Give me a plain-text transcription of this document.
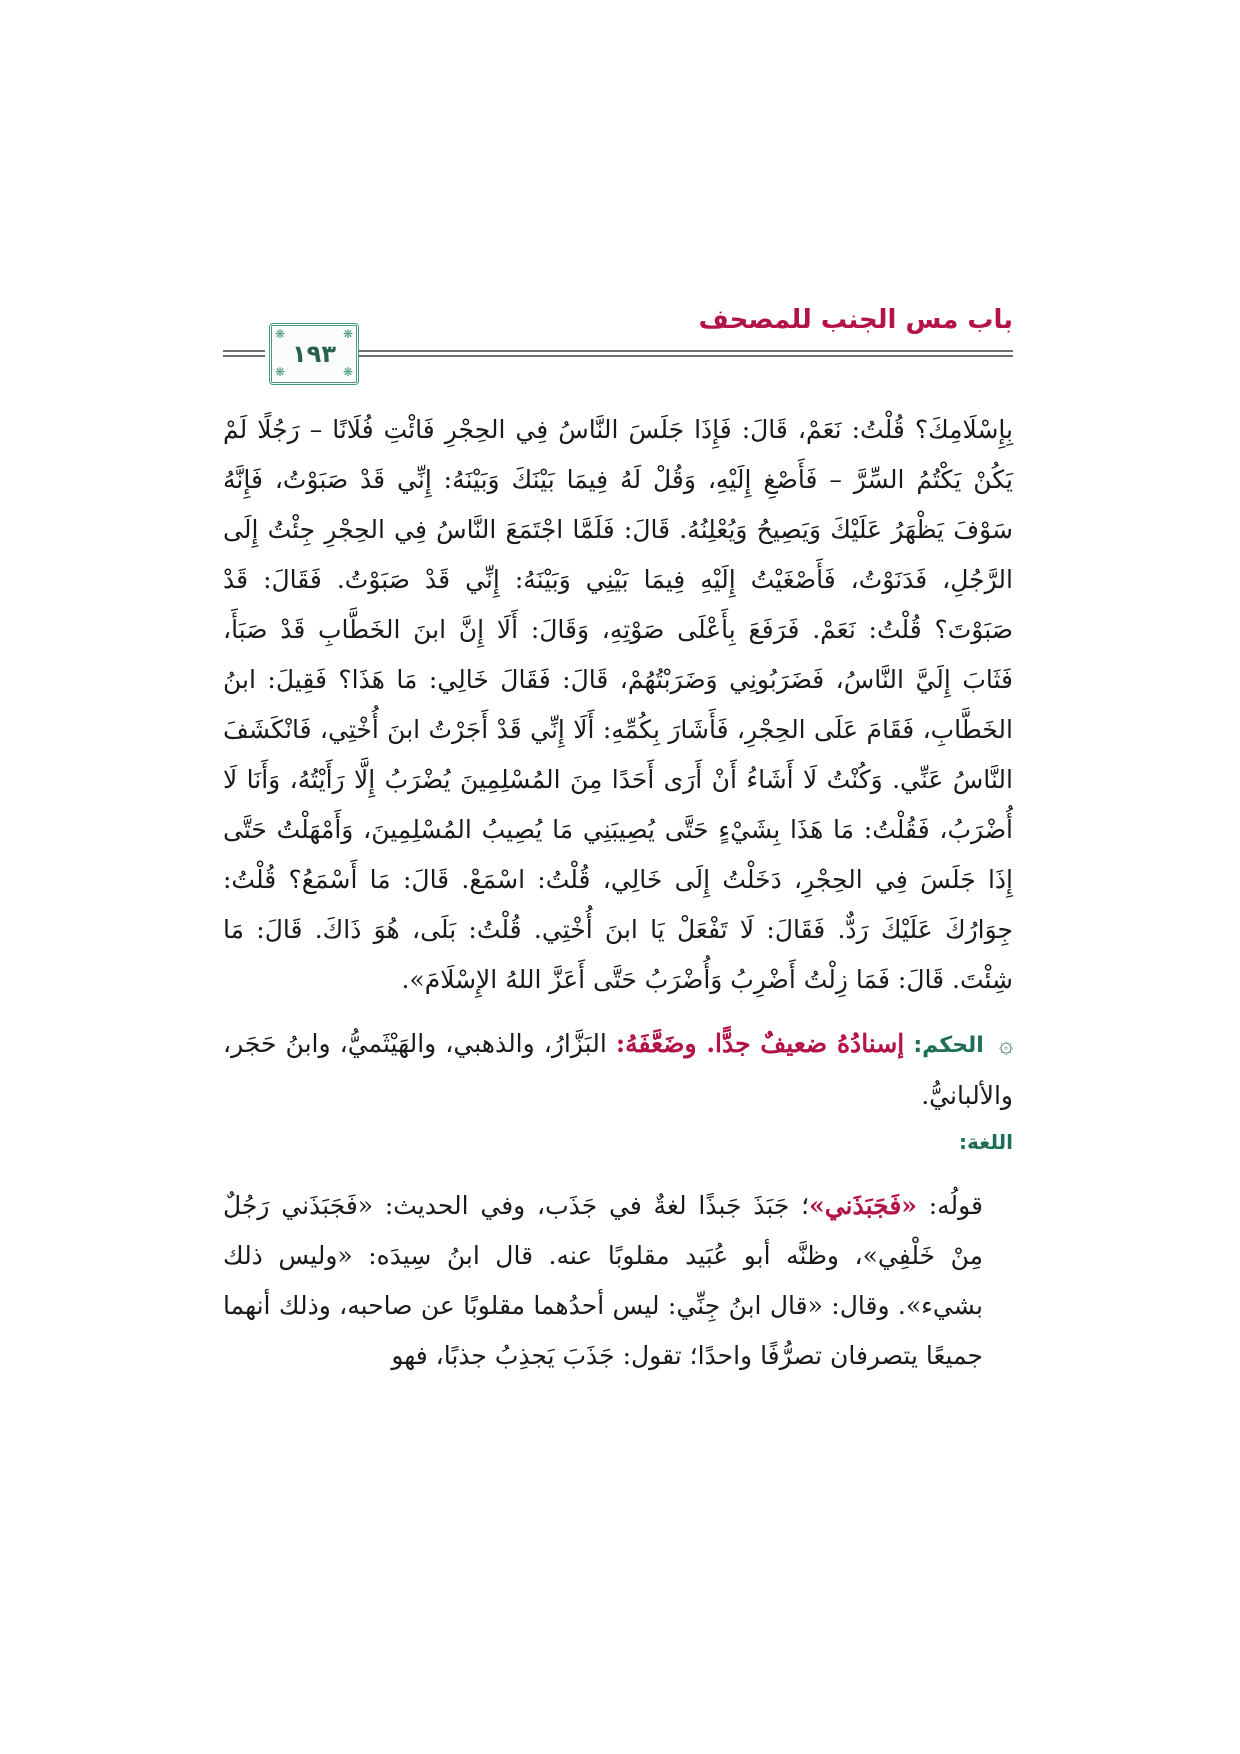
باب مس الجنب للمصحف
❋	❋
❋	❋
١٩٣

بِإِسْلَامِكَ؟ قُلْتُ: نَعَمْ، قَالَ: فَإِذَا جَلَسَ النَّاسُ فِي الحِجْرِ فَائْتِ فُلَانًا – رَجُلًا لَمْ يَكُنْ يَكْتُمُ السِّرَّ – فَأَصْغِ إِلَيْهِ، وَقُلْ لَهُ فِيمَا بَيْنَكَ وَبَيْنَهُ: إِنِّي قَدْ صَبَوْتُ، فَإِنَّهُ سَوْفَ يَظْهَرُ عَلَيْكَ وَيَصِيحُ وَيُعْلِنُهُ. قَالَ: فَلَمَّا اجْتَمَعَ النَّاسُ فِي الحِجْرِ جِئْتُ إِلَى الرَّجُلِ، فَدَنَوْتُ، فَأَصْغَيْتُ إِلَيْهِ فِيمَا بَيْنِي وَبَيْنَهُ: إِنِّي قَدْ صَبَوْتُ. فَقَالَ: قَدْ صَبَوْتَ؟ قُلْتُ: نَعَمْ. فَرَفَعَ بِأَعْلَى صَوْتِهِ، وَقَالَ: أَلَا إِنَّ ابنَ الخَطَّابِ قَدْ صَبَأَ، فَثَابَ إِلَيَّ النَّاسُ، فَضَرَبُونِي وَضَرَبْتُهُمْ، قَالَ: فَقَالَ خَالِي: مَا هَذَا؟ فَقِيلَ: ابنُ الخَطَّابِ، فَقَامَ عَلَى الحِجْرِ، فَأَشَارَ بِكُمِّهِ: أَلَا إِنِّي قَدْ أَجَرْتُ ابنَ أُخْتِي، فَانْكَشَفَ النَّاسُ عَنِّي. وَكُنْتُ لَا أَشَاءُ أَنْ أَرَى أَحَدًا مِنَ المُسْلِمِينَ يُضْرَبُ إِلَّا رَأَيْتُهُ، وَأَنَا لَا أُضْرَبُ، فَقُلْتُ: مَا هَذَا بِشَيْءٍ حَتَّى يُصِيبَنِي مَا يُصِيبُ المُسْلِمِينَ، وَأَمْهَلْتُ حَتَّى إِذَا جَلَسَ فِي الحِجْرِ، دَخَلْتُ إِلَى خَالِي، قُلْتُ: اسْمَعْ. قَالَ: مَا أَسْمَعُ؟ قُلْتُ: جِوَارُكَ عَلَيْكَ رَدٌّ. فَقَالَ: لَا تَفْعَلْ يَا ابنَ أُخْتِي. قُلْتُ: بَلَى، هُوَ ذَاكَ. قَالَ: مَا شِئْتَ. قَالَ: فَمَا زِلْتُ أَضْرِبُ وَأُضْرَبُ حَتَّى أَعَزَّ اللهُ الإِسْلَامَ».

۞ الحكم: إسنادُهُ ضعيفٌ جدًّا. وضَعَّفَهُ: البَزَّارُ، والذهبي، والهَيْثَميُّ، وابنُ حَجَر، والألبانيُّ.

اللغة:

قولُه: «فَجَبَذَني»؛ جَبَذَ جَبذًا لغةٌ في جَذَب، وفي الحديث: «فَجَبَذَني رَجُلٌ مِنْ خَلْفِي»، وظنَّه أبو عُبَيد مقلوبًا عنه. قال ابنُ سِيدَه: «وليس ذلك بشيء». وقال: «قال ابنُ جِنِّي: ليس أحدُهما مقلوبًا عن صاحبه، وذلك أنهما جميعًا يتصرفان تصرُّفًا واحدًا؛ تقول: جَذَبَ يَجذِبُ جذبًا، فهو
